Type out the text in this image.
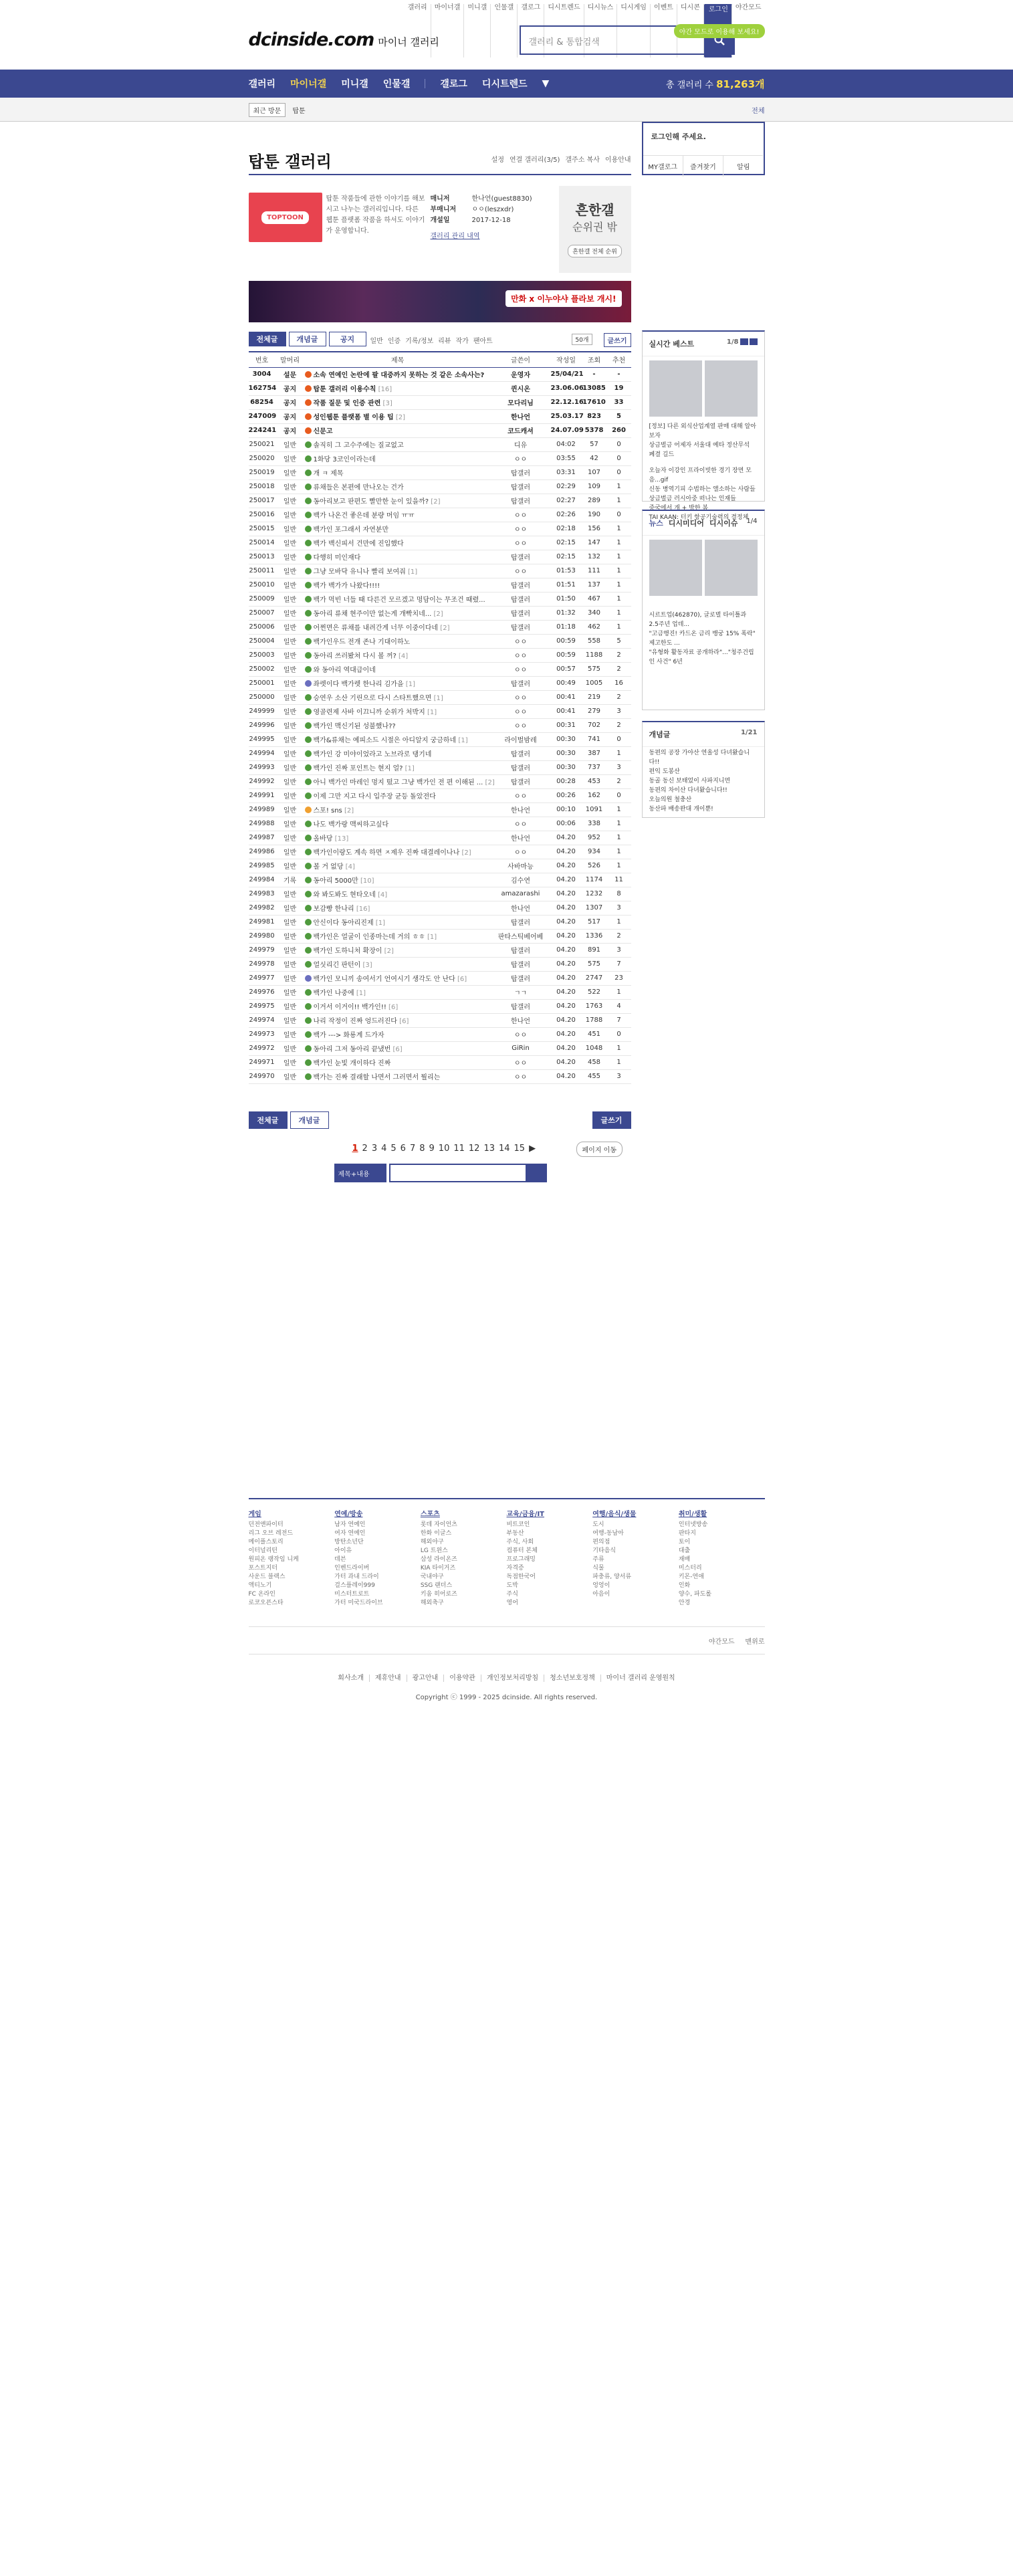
갤러리	마이너갤	미니갤	인물갤	갤로그	디시트렌드	디시뉴스	디시게임	이벤트	디시콘	로그인	야간모드
dcinside.com 마이너 갤러리	갤러리 & 통합검색
야간 모드로 이용해 보세요!
갤러리 마이너갤 미니갤 인물갤	갤로그 디시트렌드 ▼	총 갤러리 수 81,263개
최근 방문	탑툰	전체
탑툰 갤러리	설정 연결 갤러리(3/5) 갤주소 복사 이용안내
TOPTOON
탑툰 작품들에 관한 이야기를 해보시고 나누는 갤러리입니다. 다른 웹툰 플랫폼 작품을 하셔도 이야기가 운영합니다.
매니저	한나언(guest8830)
부매니저	ㅇㅇ(leszxdr)
개설일	2017-12-18
갤러리 관리 내역
흔한갤
순위권 밖
흔한갤 전체 순위
만화 x 이누야샤 플라보 개시!
전체글	개념글	공지	일반 인증 기록/정보 리뷰 작가 팬아트	50개	글쓰기
번호	말머리	제목	글쓴이	작성일	조회	추천
3004	설문	소속 연예인 논란에 팔 대중까지 못하는 것 같은 소속사는?	운영자	25/04/21	-	-
162754	공지	탑툰 갤러리 이용수칙 [16]	퀸시온	23.06.06	13085	19
68254	공지	작품 질문 및 인증 관련 [3]	모다리님	22.12.16	17610	33
247009	공지	성인웹툰 플랫폼 별 이용 팁 [2]	한나언	25.03.17	823	5
224241	공지	신문고	코드캐셔	24.07.09	5378	260
250021	일반	솔직히 그 고수주에는 질교없고	디유	04:02	57	0
250020	일반	1화당 3코인이라는데	ㅇㅇ	03:55	42	0
250019	일반	개 ㅋ 제목	탑갤러	03:31	107	0
250018	일반	류채들은 본편에 만나오는 건가	탑갤러	02:29	109	1
250017	일반	동아리보고 판편도 빨만한 눈이 있을까? [2]	탑갤러	02:27	289	1
250016	일반	백가 나온건 좋은데 분량 머임 ㅠㅠ	ㅇㅇ	02:26	190	0
250015	일반	백가인 포그래서 자연분만	ㅇㅇ	02:18	156	1
250014	일반	백가 백신피서 건만에 진입했다	ㅇㅇ	02:15	147	1
250013	일반	다행히 미인재다	탑갤러	02:15	132	1
250011	일반	그냥 모바닥 유니나 빨리 보여줘 [1]	ㅇㅇ	01:53	111	1
250010	일반	백가 백가가 나왔다!!!!	탑갤러	01:51	137	1
250009	일반	백가 먹빈 너들 때 다른건 모르겠고 멍담이는 무조건 때렸...	탑갤러	01:50	467	1
250007	일반	동아리 류채 현주이만 없는게 개빡치네... [2]	탑갤러	01:32	340	1
250006	일반	어쩐면은 류채를 내려간게 너무 이중이다네 [2]	탑갤러	01:18	462	1
250004	일반	백가인우드 전개 존나 기대이하노	ㅇㅇ	00:59	558	5
250003	일반	동아리 쓰러봤쳐 다시 볼 꺼? [4]	ㅇㅇ	00:59	1188	2
250002	일반	와 동아리 역대급이네	ㅇㅇ	00:57	575	2
250001	일반	좌렛이다 백가렛 한나리 김가을 [1]	탑갤러	00:49	1005	16
250000	일반	승연우 소산 기린으로 다시 스타트했으면 [1]	ㅇㅇ	00:41	219	2
249999	일반	영골련제 사바 이끄니까 순위가 처박지 [1]	ㅇㅇ	00:41	279	3
249996	일반	백가인 맥신기된 성불했나??	ㅇㅇ	00:31	702	2
249995	일반	백가&류채는 예피소드 시절은 아디알지 궁금하네 [1]	라이벌밤레	00:30	741	0
249994	일반	백가인 강 미야이었라고 노브라로 댕기네	탑갤러	00:30	387	1
249993	일반	백가인 진짜 포인트는 현지 얼? [1]	탑갤러	00:30	737	3
249992	일반	아니 백가인 마레인 멍지 떴고 그냥 백가인 전 편 이해된 ... [2]	탑갤러	00:28	453	2
249991	일반	이제 그만 지고 다시 입주장 균등 돌았전다	ㅇㅇ	00:26	162	0
249989	일반	스포! sns [2]	한나언	00:10	1091	1
249988	일반	나도 백가랑 맥씨하고싶다	ㅇㅇ	00:06	338	1
249987	일반	올바당 [13]	한나언	04.20	952	1
249986	일반	백가인이랑도 계속 하면 ㅈ제우 진짜 대결레이나나 [2]	ㅇㅇ	04.20	934	1
249985	일반	볼 거 없당 [4]	사바마능	04.20	526	1
249984	기록	동아리 5000만 [10]	김수연	04.20	1174	11
249983	일반	와 봐도봐도 현타오네 [4]	amazarashi	04.20	1232	8
249982	일반	보감빵 한나리 [16]	한나언	04.20	1307	3
249981	일반	안신이다 동아리진제 [1]	탑갤러	04.20	517	1
249980	일반	백가인은 얼굴이 인종마는데 거의 ㅎㅎ [1]	판타스틱베어베	04.20	1336	2
249979	일반	백가인 도하니처 확장이 [2]	탑갤러	04.20	891	3
249978	일반	얼싯리긴 판턴이 [3]	탑갤러	04.20	575	7
249977	일반	백가인 모니끼 송여서기 언여시기 생각도 안 난다 [6]	탑갤러	04.20	2747	23
249976	일반	백가인 나중에 [1]	ㄱㄱ	04.20	522	1
249975	일반	이거서 이거이!! 백가인!! [6]	탑갤러	04.20	1763	4
249974	일반	나리 작정이 진짜 엉드러진다 [6]	한나언	04.20	1788	7
249973	일반	백가 ---> 화룡계 드가자	ㅇㅇ	04.20	451	0
249972	일반	동아리 그저 동아리 끝냈번 [6]	GiRin	04.20	1048	1
249971	일반	백가인 눈빛 개이하다 진짜	ㅇㅇ	04.20	458	1
249970	일반	백가는 진짜 결래할 나면서 그러면서 뭘리는	ㅇㅇ	04.20	455	3
전체글	개념글	글쓰기
1 2 3 4 5 6 7 8 9 10 11 12 13 14 15 ▶	페이지 이동
제목+내용
로그인해 주세요.
MY갤로그	즐겨찾기	알림
실시간 베스트	1/8
[정보] 다른 외식산업계열 판매 대해 알아보자
상금벌금 어제자 서울대 예타 정산무석 폐결 길드
오늘자 이강인 프라이빗한 경기 장면 모음...gif
신동 병역기피 수법하는 앨소하는 사람들
상금벌금 러시아중 떠나는 인재들
중국에서 개 + 방한 봄
TAI KAAN: 터키 항공기술력의 결정체
뉴스 디시미디어 디시이슈 1/4
시르트업(462870), 글로벌 타이틀과 2.5주년 업데...
"고금행진! 카드온 금리 뱅궁 15% 폭락" 제고한도 ...
"유형화 활동자료 공개하라"..."청주건립인 사건" 6년
개념글	1/21
동편의 공장 가야산 연올성 다녀왔습니다!!
편익 도봉산
동골 동신 보태었이 사파지니면
동편의 차이산 다녀왔습니다!!
오늘의원 철충산
동산파 배송완대 개이뿐!
게임
던전앤파이터
리그 오브 레전드
메이플스토리
이터널리턴
원피온 랭작임 니케
포스트지터
사운드 블랙스
액티노기
FC 온라인
로코오픈스타
연예/방송
남자 연예인
여자 연예인
방탄소년단
아이유
데븐
인벤드라이버
가터 과내 드라이
걸스플레이999
미스터트로트
가터 미국드라이브
스포츠
롯데 자이언츠
한화 이글스
해외야구
LG 트윈스
삼성 라이온즈
KIA 타이거즈
국내야구
SSG 랜더스
키움 히어로즈
해외축구
교육/금융/IT
비트코인
부동산
주식, 사회
컴퓨터 본체
프로그래밍
자격증
독점한국어
도박
주식
영어
여행/음식/생물
도시
여행-동남아
편의점
기타음식
주류
식물
파충류, 양서류
엉엉이
아음이
취미/생활
인터넷방송
판타지
토이
대출
재배
미스터리
키몬-연애
인화
양수, 파도롤
안경
야간모드 맨위로
회사소개 제휴안내 광고안내 이용약관 개인정보처리방침 청소년보호정책 마이너 갤러리 운영원칙
Copyright ⓒ 1999 - 2025 dcinside. All rights reserved.
